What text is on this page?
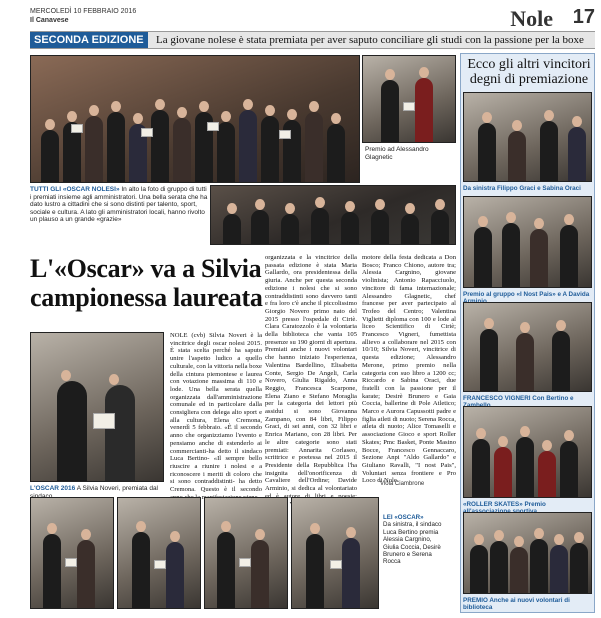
MERCOLEDÌ 10 FEBBRAIO 2016
Il Canavese	Nole 17
SECONDA EDIZIONE	La giovane nolese è stata premiata per aver saputo conciliare gli studi con la passione per la boxe
Premio ad Alessandro Glagnetic
TUTTI GLI «OSCAR NOLESI» In alto la foto di gruppo di tutti i premiati insieme agli amministratori. Una bella serata che ha dato lustro a cittadini che si sono distinti per talento, sport, sociale e cultura. A lato gli amministratori locali, hanno rivolto un plauso a un grande «grazie»
L'«Oscar» va a Silvia campionessa laureata
L'OSCAR 2016 A Silvia Noveri, premiata dal
NOLE (cvb) Silvia Noveri è la vincitrice degli oscar nolesi 2015. È stata scelta perché ha saputo unire l'aspetto ludico a quello culturale, con la vittoria nella boxe della cintura piemontese e laurea con votazione massima di 110 e lode. Una bella serata quella organizzata dall'amministrazione comunale ed in particolare dalla consigliera con delega alto sport e alla cultura, Elena Cremona, venerdì 5 febbraio. «È il secondo anno che organizziamo l'evento e pensiamo anche di estenderlo ai commercianti-ha detto il sindaco Luca Bertino- «Il sempre bello riuscire a riunire i nolesi e a riconoscere i meriti di coloro che si sono contraddistinti- ha detto Cremona. Questo è il secondo
organizzata e la vincitrice della passata edizione è stata Maria Gallardo, ora presidentessa della giuria. Anche per questa seconda edizione i nolesi che si sono contraddistinti sono davvero tanti e fra loro c'è anche il piccolissimo Giorgio Novero primo nato del 2015 presso l'ospedale di Ciriè. Clara Caratozzolo è la volontaria della biblioteca che vanta 105 presenze su 190 giorni di apertura. Premiati anche i nuovi volontari che hanno iniziato l'esperienza, Valentina Bardellino, Elisabetta Conte, Sergio De Angeli, Carla Novero, Giulia Rigaldo, Anna Reggio, Francesca Scarpone, Elena Ziano e Stefano Moraglia per la categoria dei lettori più assidui si sono Giovanna Zampano, con 84 libri, Filippo Graci, di sei anni, con 32 libri e Enrica Mariano, con 28 libri. Per le altre categorie sono stati premiati: Annarita Corlaseo, scrittrice e poetessa nel 2015 il Presidente della Repubblica l'ha insignita dell'onorificenza di Cavaliere dell'Ordine; Davide Arminio, si dedica al volontariato
motore della festa dedicata a Don Bosco; Franco Chiono, autore tra; Alessia Cargnino, giovane violinista; Antonio Rapacciuolo, vincitore di fama internazionale; Alessandro Glagnetic, chef francese per aver partecipato al Trofeo del Centro; Valentina Viglietti diploma con 100 e lode al liceo Scientifico di Ciriè; Francesco Vigneri, fumettista allievo a collaborare nel 2015 con 10/10; Silvia Noveri, vincitrice di questa edizione; Alessandro Merone, primo premio nella categoria con suo libro a 1200 cc; Riccardo e Sabina Oraci, due fratelli con la passione per il karate; Desirè Brunero e Gaia Coccia, ballerine di Pole Atletico; Marco e Aurora Capussotti padre e figlia atleti di nuoto; Serena Rocca, atleta di nuoto; Alice Tomaselli e associazione Gioco e sport Roller Skates; Pmc Basket, Ponte Masino Bocce, Francesco Gennaccaro, Sezione Anpi "Aldo Gallardo" e Giuliano Ravalli, "I nost Pais", Voluntari senza frontiere e Pro Loco di Nole.
Viola Ciambrone
LEI «OSCAR»
Da sinistra, il sindaco Luca Bertino premia Alessia Cargnino, Giulia Coccia, Desirè Brunero e Serena Rocca
Ecco gli altri vincitori degni di premiazione
Da sinistra Filippo Graci e Sabina Oraci
Premio al gruppo «I Nost Pais» e A Davida
FRANCESCO VIGNERI Con Bertino e
«ROLLER SKATES» Premio
PREMIO Anche ai nuovi volontari di biblioteca
